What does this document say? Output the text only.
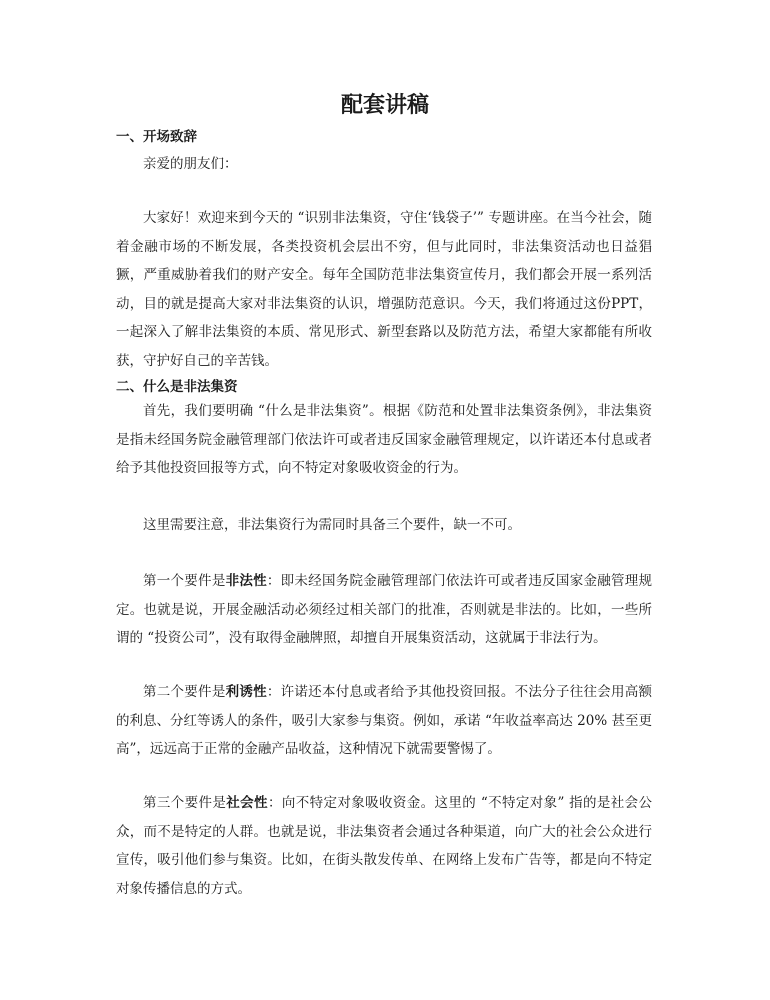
配套讲稿
一、开场致辞

亲爱的朋友们：

大家好！欢迎来到今天的 “识别非法集资，守住‘钱袋子’” 专题讲座。在当今社会，随着金融市场的不断发展，各类投资机会层出不穷，但与此同时，非法集资活动也日益猖獗，严重威胁着我们的财产安全。每年全国防范非法集资宣传月，我们都会开展一系列活动，目的就是提高大家对非法集资的认识，增强防范意识。今天，我们将通过这份PPT，一起深入了解非法集资的本质、常见形式、新型套路以及防范方法，希望大家都能有所收获，守护好自己的辛苦钱。

二、什么是非法集资

首先，我们要明确 “什么是非法集资”。根据《防范和处置非法集资条例》，非法集资是指未经国务院金融管理部门依法许可或者违反国家金融管理规定，以许诺还本付息或者给予其他投资回报等方式，向不特定对象吸收资金的行为。

这里需要注意，非法集资行为需同时具备三个要件，缺一不可。

第一个要件是非法性：即未经国务院金融管理部门依法许可或者违反国家金融管理规定。也就是说，开展金融活动必须经过相关部门的批准，否则就是非法的。比如，一些所谓的 “投资公司”，没有取得金融牌照，却擅自开展集资活动，这就属于非法行为。

第二个要件是利诱性：许诺还本付息或者给予其他投资回报。不法分子往往会用高额的利息、分红等诱人的条件，吸引大家参与集资。例如，承诺 “年收益率高达 20% 甚至更高”，远远高于正常的金融产品收益，这种情况下就需要警惕了。

第三个要件是社会性：向不特定对象吸收资金。这里的 “不特定对象” 指的是社会公众，而不是特定的人群。也就是说，非法集资者会通过各种渠道，向广大的社会公众进行宣传，吸引他们参与集资。比如，在街头散发传单、在网络上发布广告等，都是向不特定对象传播信息的方式。
